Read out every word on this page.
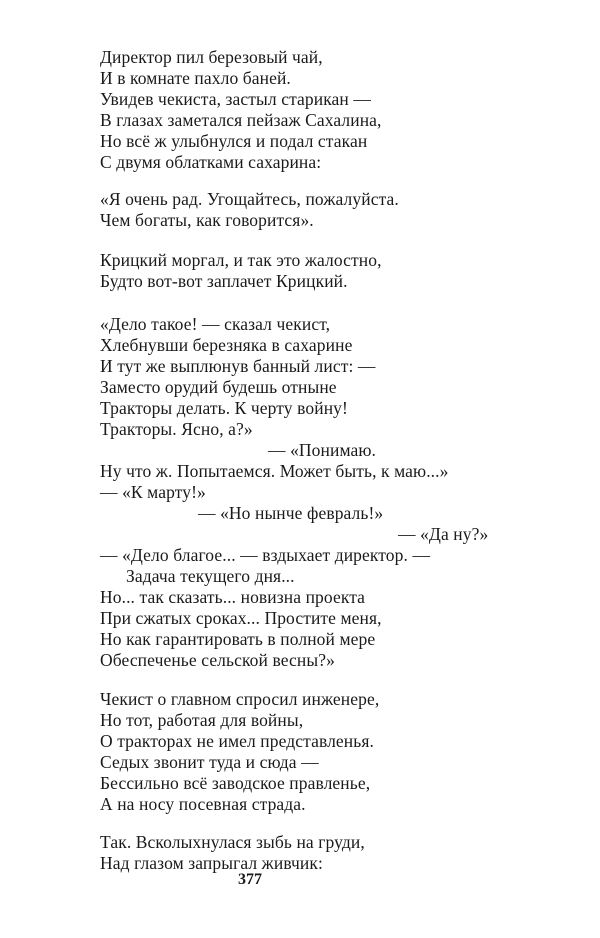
Директор пил березовый чай,
И в комнате пахло баней.
Увидев чекиста, застыл старикан —
В глазах заметался пейзаж Сахалина,
Но всё ж улыбнулся и подал стакан
С двумя облатками сахарина:
«Я очень рад. Угощайтесь, пожалуйста.
Чем богаты, как говорится».
Крицкий моргал, и так это жалостно,
Будто вот-вот заплачет Крицкий.
«Дело такое! — сказал чекист,
Хлебнувши березняка в сахарине
И тут же выплюнув банный лист: —
Заместо орудий будешь отныне
Тракторы делать. К черту войну!
Тракторы. Ясно, а?»
— «Понимаю.
Ну что ж. Попытаемся. Может быть, к маю...»
— «К марту!»
— «Но нынче февраль!»
— «Да ну?»
— «Дело благое... — вздыхает директор. —
Задача текущего дня...
Но... так сказать... новизна проекта
При сжатых сроках... Простите меня,
Но как гарантировать в полной мере
Обеспеченье сельской весны?»
Чекист о главном спросил инженере,
Но тот, работая для войны,
О тракторах не имел представленья.
Седых звонит туда и сюда —
Бессильно всё заводское правленье,
А на носу посевная страда.
Так. Всколыхнулася зыбь на груди,
Над глазом запрыгал живчик:
377
